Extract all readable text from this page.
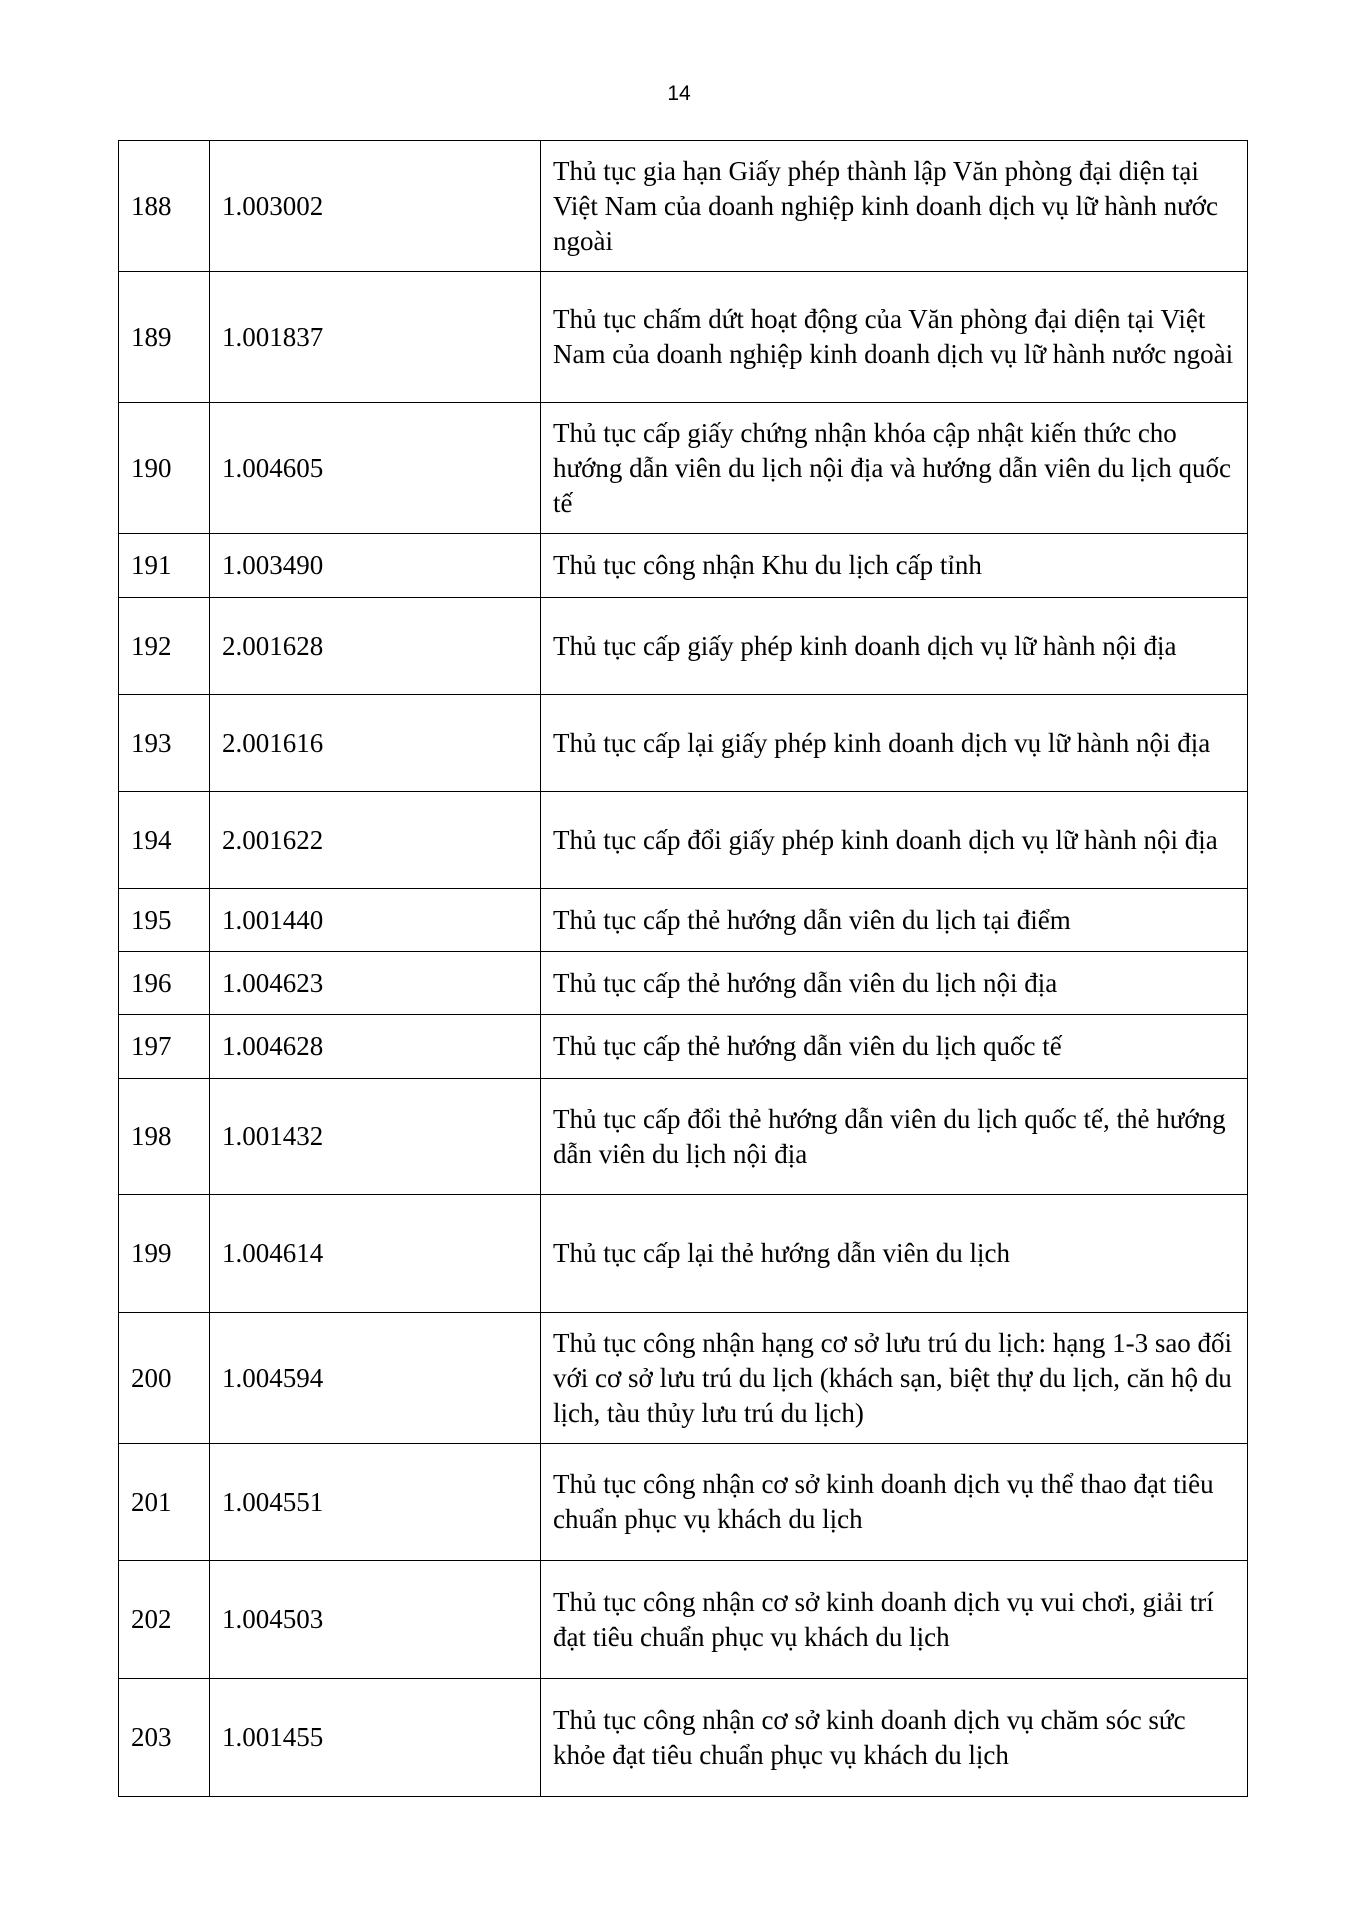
14
188	1.003002	Thủ tục gia hạn Giấy phép thành lập Văn phòng đại diện tại Việt Nam của doanh nghiệp kinh doanh dịch vụ lữ hành nước ngoài
189	1.001837	Thủ tục chấm dứt hoạt động của Văn phòng đại diện tại Việt Nam của doanh nghiệp kinh doanh dịch vụ lữ hành nước ngoài
190	1.004605	Thủ tục cấp giấy chứng nhận khóa cập nhật kiến thức cho hướng dẫn viên du lịch nội địa và hướng dẫn viên du lịch quốc tế
191	1.003490	Thủ tục công nhận Khu du lịch cấp tỉnh
192	2.001628	Thủ tục cấp giấy phép kinh doanh dịch vụ lữ hành nội địa
193	2.001616	Thủ tục cấp lại giấy phép kinh doanh dịch vụ lữ hành nội địa
194	2.001622	Thủ tục cấp đổi giấy phép kinh doanh dịch vụ lữ hành nội địa
195	1.001440	Thủ tục cấp thẻ hướng dẫn viên du lịch tại điểm
196	1.004623	Thủ tục cấp thẻ hướng dẫn viên du lịch nội địa
197	1.004628	Thủ tục cấp thẻ hướng dẫn viên du lịch quốc tế
198	1.001432	Thủ tục cấp đổi thẻ hướng dẫn viên du lịch quốc tế, thẻ hướng dẫn viên du lịch nội địa
199	1.004614	Thủ tục cấp lại thẻ hướng dẫn viên du lịch
200	1.004594	Thủ tục công nhận hạng cơ sở lưu trú du lịch: hạng 1-3 sao đối với cơ sở lưu trú du lịch (khách sạn, biệt thự du lịch, căn hộ du lịch, tàu thủy lưu trú du lịch)
201	1.004551	Thủ tục công nhận cơ sở kinh doanh dịch vụ thể thao đạt tiêu chuẩn phục vụ khách du lịch
202	1.004503	Thủ tục công nhận cơ sở kinh doanh dịch vụ vui chơi, giải trí đạt tiêu chuẩn phục vụ khách du lịch
203	1.001455	Thủ tục công nhận cơ sở kinh doanh dịch vụ chăm sóc sức khỏe đạt tiêu chuẩn phục vụ khách du lịch
